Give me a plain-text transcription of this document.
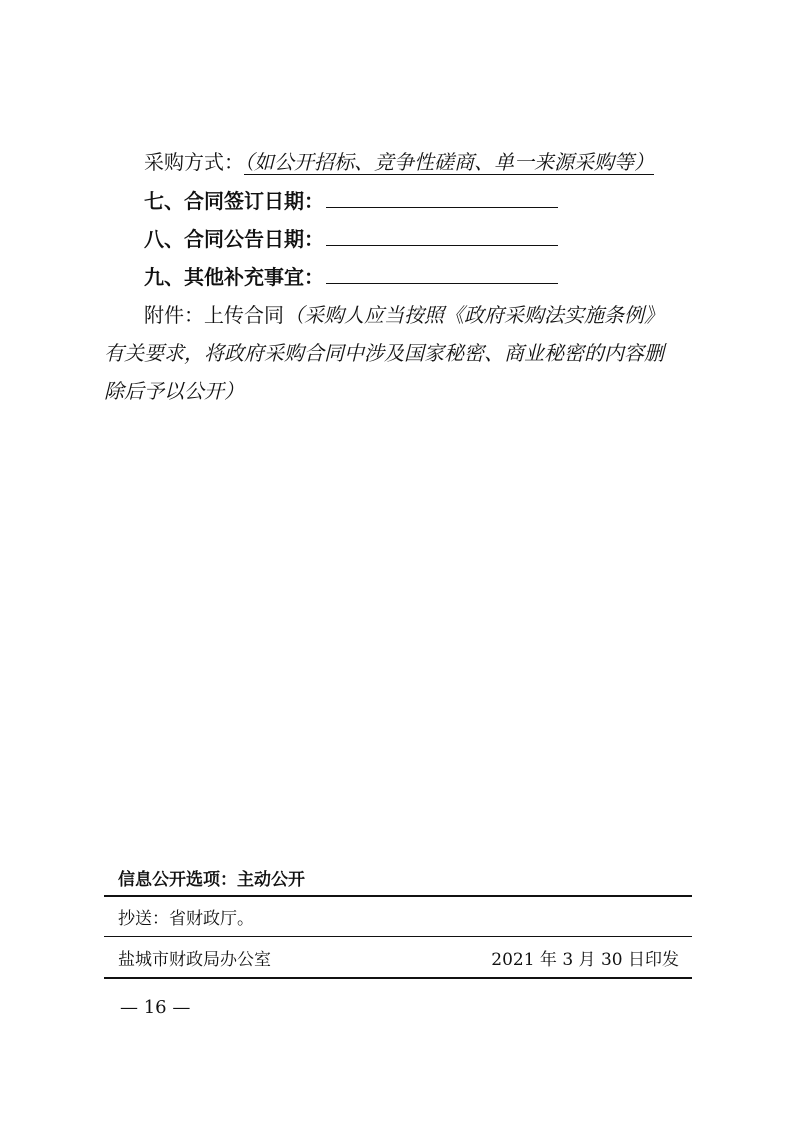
采购方式：（如公开招标、竞争性磋商、单一来源采购等）
七、合同签订日期：
八、合同公告日期：
九、其他补充事宜：
附件：上传合同（采购人应当按照《政府采购法实施条例》
有关要求，将政府采购合同中涉及国家秘密、商业秘密的内容删
除后予以公开）
信息公开选项：主动公开
抄送：省财政厅。
盐城市财政局办公室	2021 年 3 月 30 日印发
— 16 —
